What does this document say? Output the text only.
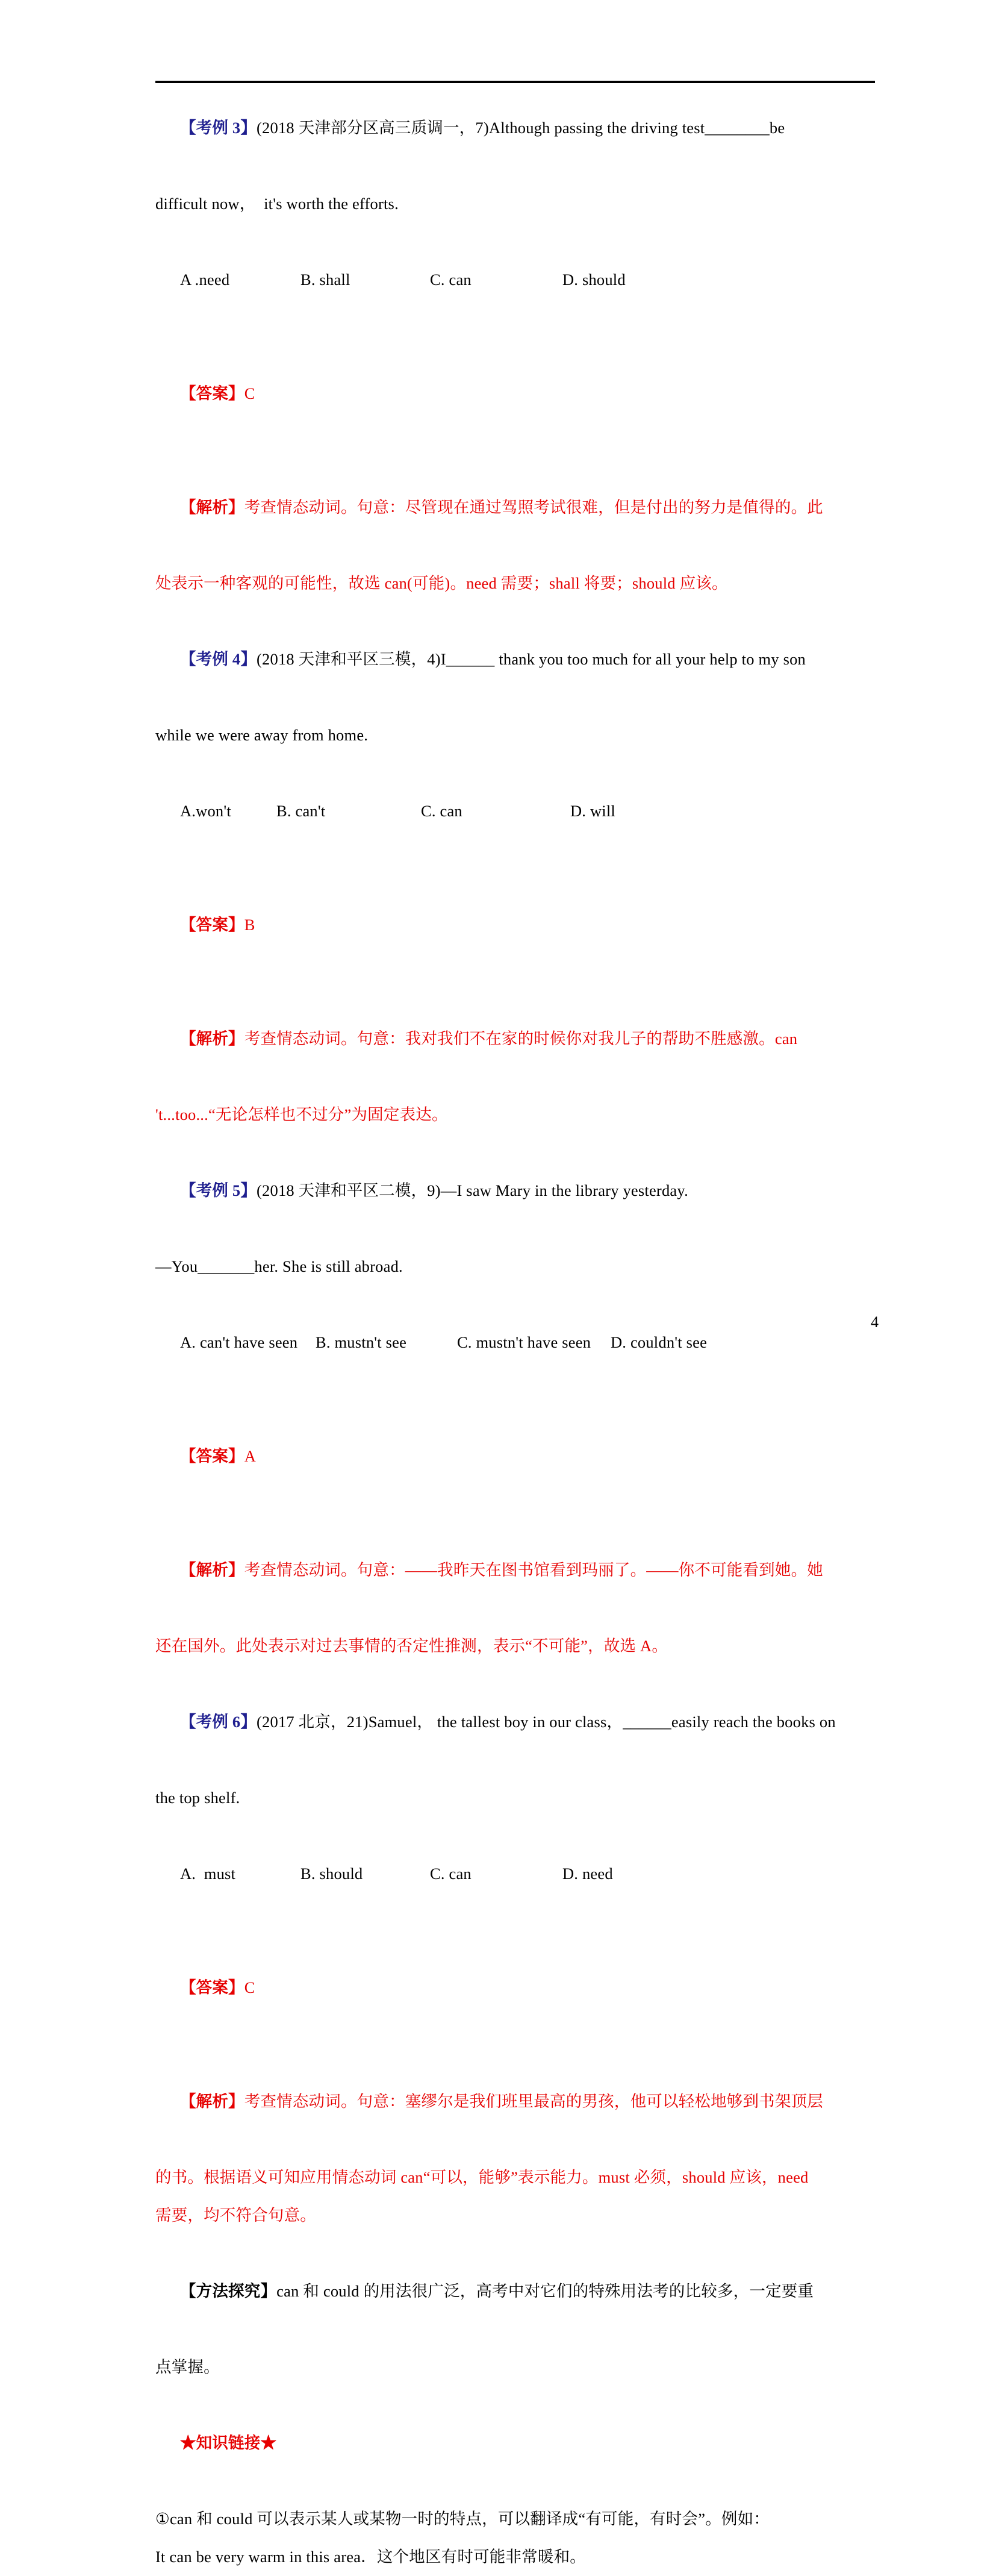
【考例 3】(2018 天津部分区高三质调一，7)Although passing the driving test________be

difficult now，  it's worth the efforts.

A .need	B. shall	C. can	D. should

【答案】C

【解析】考查情态动词。句意：尽管现在通过驾照考试很难，但是付出的努力是值得的。此

处表示一种客观的可能性，故选 can(可能)。need 需要；shall 将要；should 应该。

【考例 4】(2018 天津和平区三模，4)I______ thank you too much for all your help to my son

while we were away from home.

A.won't	B. can't	C. can	D. will

【答案】B

【解析】考查情态动词。句意：我对我们不在家的时候你对我儿子的帮助不胜感激。can

't...too...“无论怎样也不过分”为固定表达。

【考例 5】(2018 天津和平区二模，9)—I saw Mary in the library yesterday.

—You_______her. She is still abroad.

A. can't have seen B. mustn't see	C. mustn't have seen D. couldn't see

【答案】A

【解析】考查情态动词。句意：——我昨天在图书馆看到玛丽了。——你不可能看到她。她

还在国外。此处表示对过去事情的否定性推测，表示“不可能”，故选 A。

【考例 6】(2017 北京，21)Samuel， the tallest boy in our class，______easily reach the books on

the top shelf.

A.  must	B. should	C. can	D. need

【答案】C

【解析】考查情态动词。句意：塞缪尔是我们班里最高的男孩，他可以轻松地够到书架顶层

的书。根据语义可知应用情态动词 can“可以，能够”表示能力。must 必须，should 应该，need
需要，均不符合句意。

【方法探究】can 和 could 的用法很广泛，高考中对它们的特殊用法考的比较多，一定要重

点掌握。

★知识链接★

①can 和 could 可以表示某人或某物一时的特点，可以翻译成“有可能，有时会”。例如：
It can be very warm in this area．这个地区有时可能非常暖和。
4
